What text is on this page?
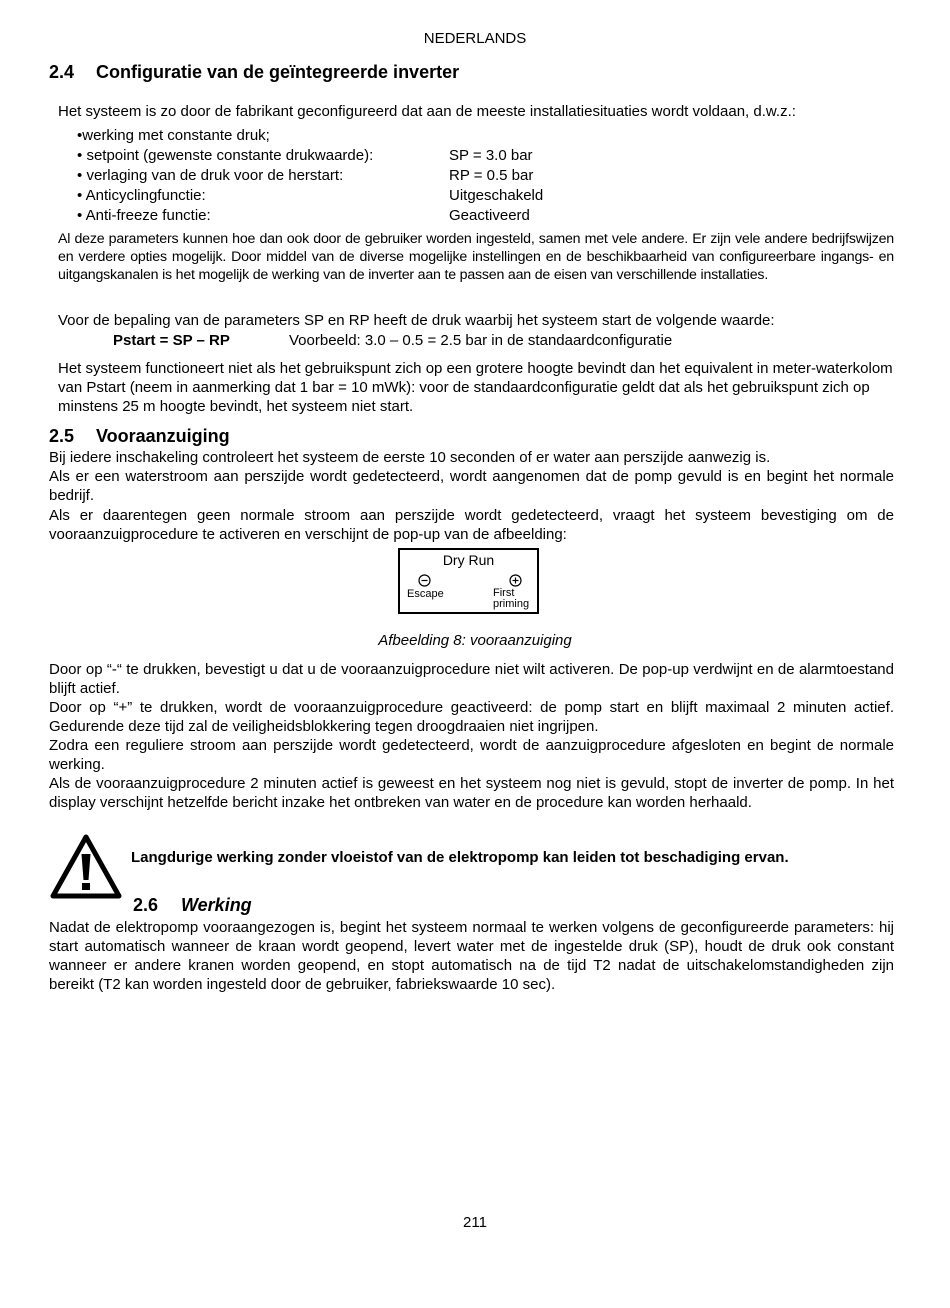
NEDERLANDS
2.4 Configuratie van de geïntegreerde inverter
Het systeem is zo door de fabrikant geconfigureerd dat aan de meeste installatiesituaties wordt voldaan, d.w.z.:
•werking met constante druk;
• setpoint (gewenste constante drukwaarde):	SP = 3.0 bar
• verlaging van de druk voor de herstart:	RP = 0.5 bar
• Anticyclingfunctie:	Uitgeschakeld
• Anti-freeze functie:	Geactiveerd
Al deze parameters kunnen hoe dan ook door de gebruiker worden ingesteld, samen met vele andere. Er zijn vele andere bedrijfswijzen en verdere opties mogelijk. Door middel van de diverse mogelijke instellingen en de beschikbaarheid van configureerbare ingangs- en uitgangskanalen is het mogelijk de werking van de inverter aan te passen aan de eisen van verschillende installaties.
Voor de bepaling van de parameters SP en RP heeft de druk waarbij het systeem start de volgende waarde:
Pstart = SP – RP	Voorbeeld: 3.0 – 0.5 = 2.5 bar in de standaardconfiguratie
Het systeem functioneert niet als het gebruikspunt zich op een grotere hoogte bevindt dan het equivalent in meter-waterkolom van Pstart (neem in aanmerking dat 1 bar = 10 mWk): voor de standaardconfiguratie geldt dat als het gebruikspunt zich op minstens 25 m hoogte bevindt, het systeem niet start.
2.5 Vooraanzuiging
Bij iedere inschakeling controleert het systeem de eerste 10 seconden of er water aan perszijde aanwezig is.
Als er een waterstroom aan perszijde wordt gedetecteerd, wordt aangenomen dat de pomp gevuld is en begint het normale bedrijf.
Als er daarentegen geen normale stroom aan perszijde wordt gedetecteerd, vraagt het systeem bevestiging om de vooraanzuigprocedure te activeren en verschijnt de pop-up van de afbeelding:
Dry Run
Escape	First
priming
Afbeelding 8: vooraanzuiging
Door op “-“ te drukken, bevestigt u dat u de vooraanzuigprocedure niet wilt activeren. De pop-up verdwijnt en de alarmtoestand blijft actief.
Door op “+” te drukken, wordt de vooraanzuigprocedure geactiveerd: de pomp start en blijft maximaal 2 minuten actief. Gedurende deze tijd zal de veiligheidsblokkering tegen droogdraaien niet ingrijpen.
Zodra een reguliere stroom aan perszijde wordt gedetecteerd, wordt de aanzuigprocedure afgesloten en begint de normale werking.
Als de vooraanzuigprocedure 2 minuten actief is geweest en het systeem nog niet is gevuld, stopt de inverter de pomp. In het display verschijnt hetzelfde bericht inzake het ontbreken van water en de procedure kan worden herhaald.
Langdurige werking zonder vloeistof van de elektropomp kan leiden tot beschadiging ervan.
2.6 Werking
Nadat de elektropomp vooraangezogen is, begint het systeem normaal te werken volgens de geconfigureerde parameters: hij start automatisch wanneer de kraan wordt geopend, levert water met de ingestelde druk (SP), houdt de druk ook constant wanneer er andere kranen worden geopend, en stopt automatisch na de tijd T2 nadat de uitschakelomstandigheden zijn bereikt (T2 kan worden ingesteld door de gebruiker, fabriekswaarde 10 sec).
211
